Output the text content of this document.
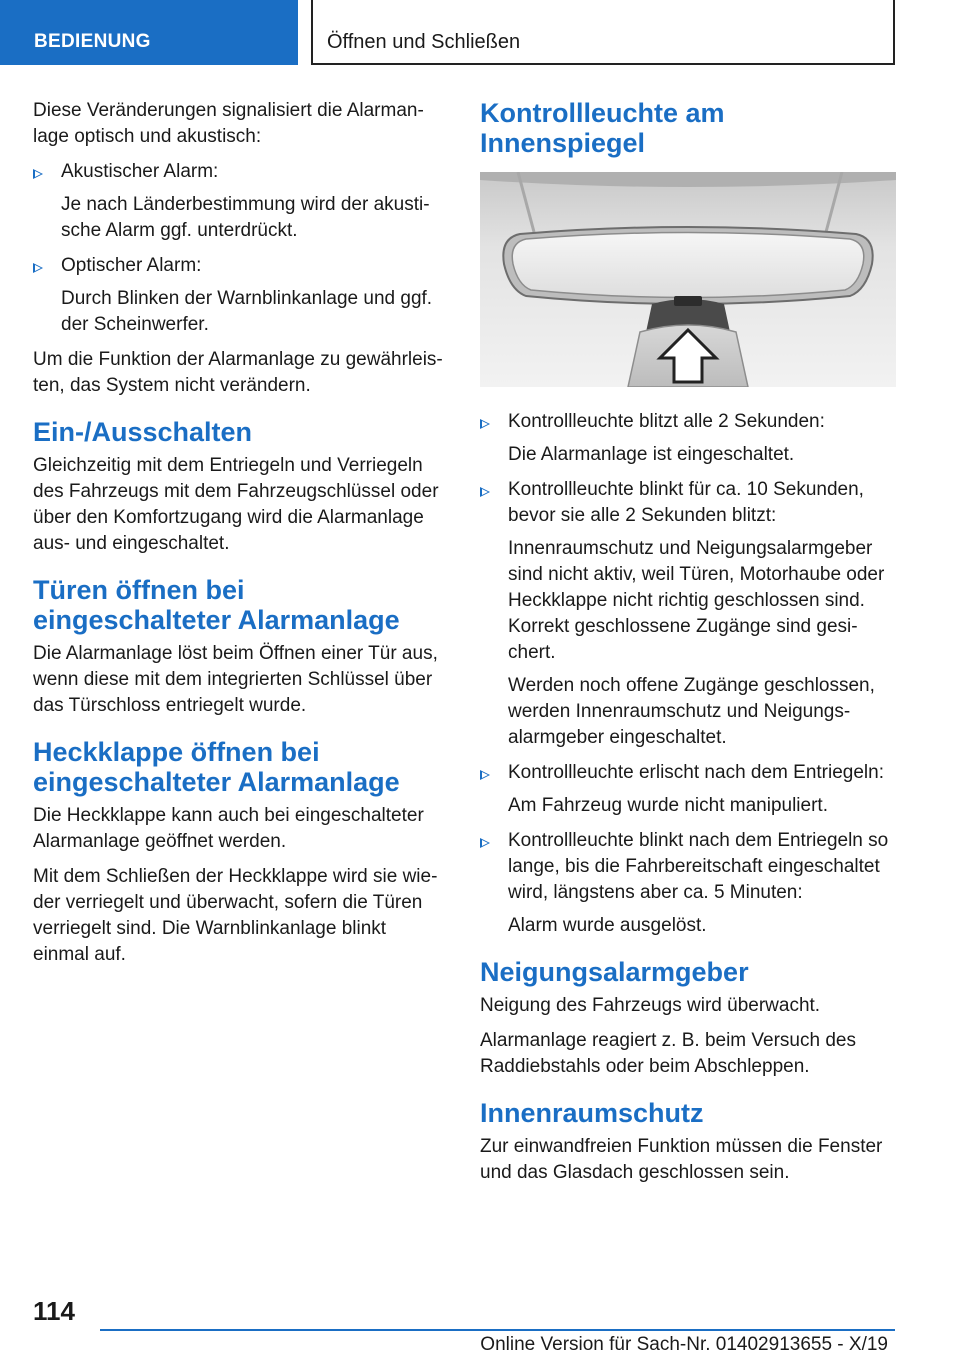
BEDIENUNG	Öffnen und Schließen

Diese Veränderungen signalisiert die Alarman-lage optisch und akustisch:

Akustischer Alarm:

Je nach Länderbestimmung wird der akusti-sche Alarm ggf. unterdrückt.

Optischer Alarm:

Durch Blinken der Warnblinkanlage und ggf. der Scheinwerfer.

Um die Funktion der Alarmanlage zu gewährleis-ten, das System nicht verändern.

Ein-/Ausschalten

Gleichzeitig mit dem Entriegeln und Verriegeln des Fahrzeugs mit dem Fahrzeugschlüssel oder über den Komfortzugang wird die Alarmanlage aus- und eingeschaltet.

Türen öffnen bei eingeschalteter Alarmanlage

Die Alarmanlage löst beim Öffnen einer Tür aus, wenn diese mit dem integrierten Schlüssel über das Türschloss entriegelt wurde.

Heckklappe öffnen bei eingeschalteter Alarmanlage

Die Heckklappe kann auch bei eingeschalteter Alarmanlage geöffnet werden.

Mit dem Schließen der Heckklappe wird sie wie-der verriegelt und überwacht, sofern die Türen verriegelt sind. Die Warnblinkanlage blinkt einmal auf.

Kontrollleuchte am Innenspiegel

Kontrollleuchte blitzt alle 2 Sekunden:

Die Alarmanlage ist eingeschaltet.

Kontrollleuchte blinkt für ca. 10 Sekunden, bevor sie alle 2 Sekunden blitzt:

Innenraumschutz und Neigungsalarmgeber sind nicht aktiv, weil Türen, Motorhaube oder Heckklappe nicht richtig geschlossen sind. Korrekt geschlossene Zugänge sind gesi-chert.

Werden noch offene Zugänge geschlossen, werden Innenraumschutz und Neigungs-alarmgeber eingeschaltet.

Kontrollleuchte erlischt nach dem Entriegeln:

Am Fahrzeug wurde nicht manipuliert.

Kontrollleuchte blinkt nach dem Entriegeln so lange, bis die Fahrbereitschaft eingeschaltet wird, längstens aber ca. 5 Minuten:

Alarm wurde ausgelöst.

Neigungsalarmgeber

Neigung des Fahrzeugs wird überwacht.

Alarmanlage reagiert z. B. beim Versuch des Raddiebstahls oder beim Abschleppen.

Innenraumschutz

Zur einwandfreien Funktion müssen die Fenster und das Glasdach geschlossen sein.

114
Online Version für Sach-Nr. 01402913655 - X/19
